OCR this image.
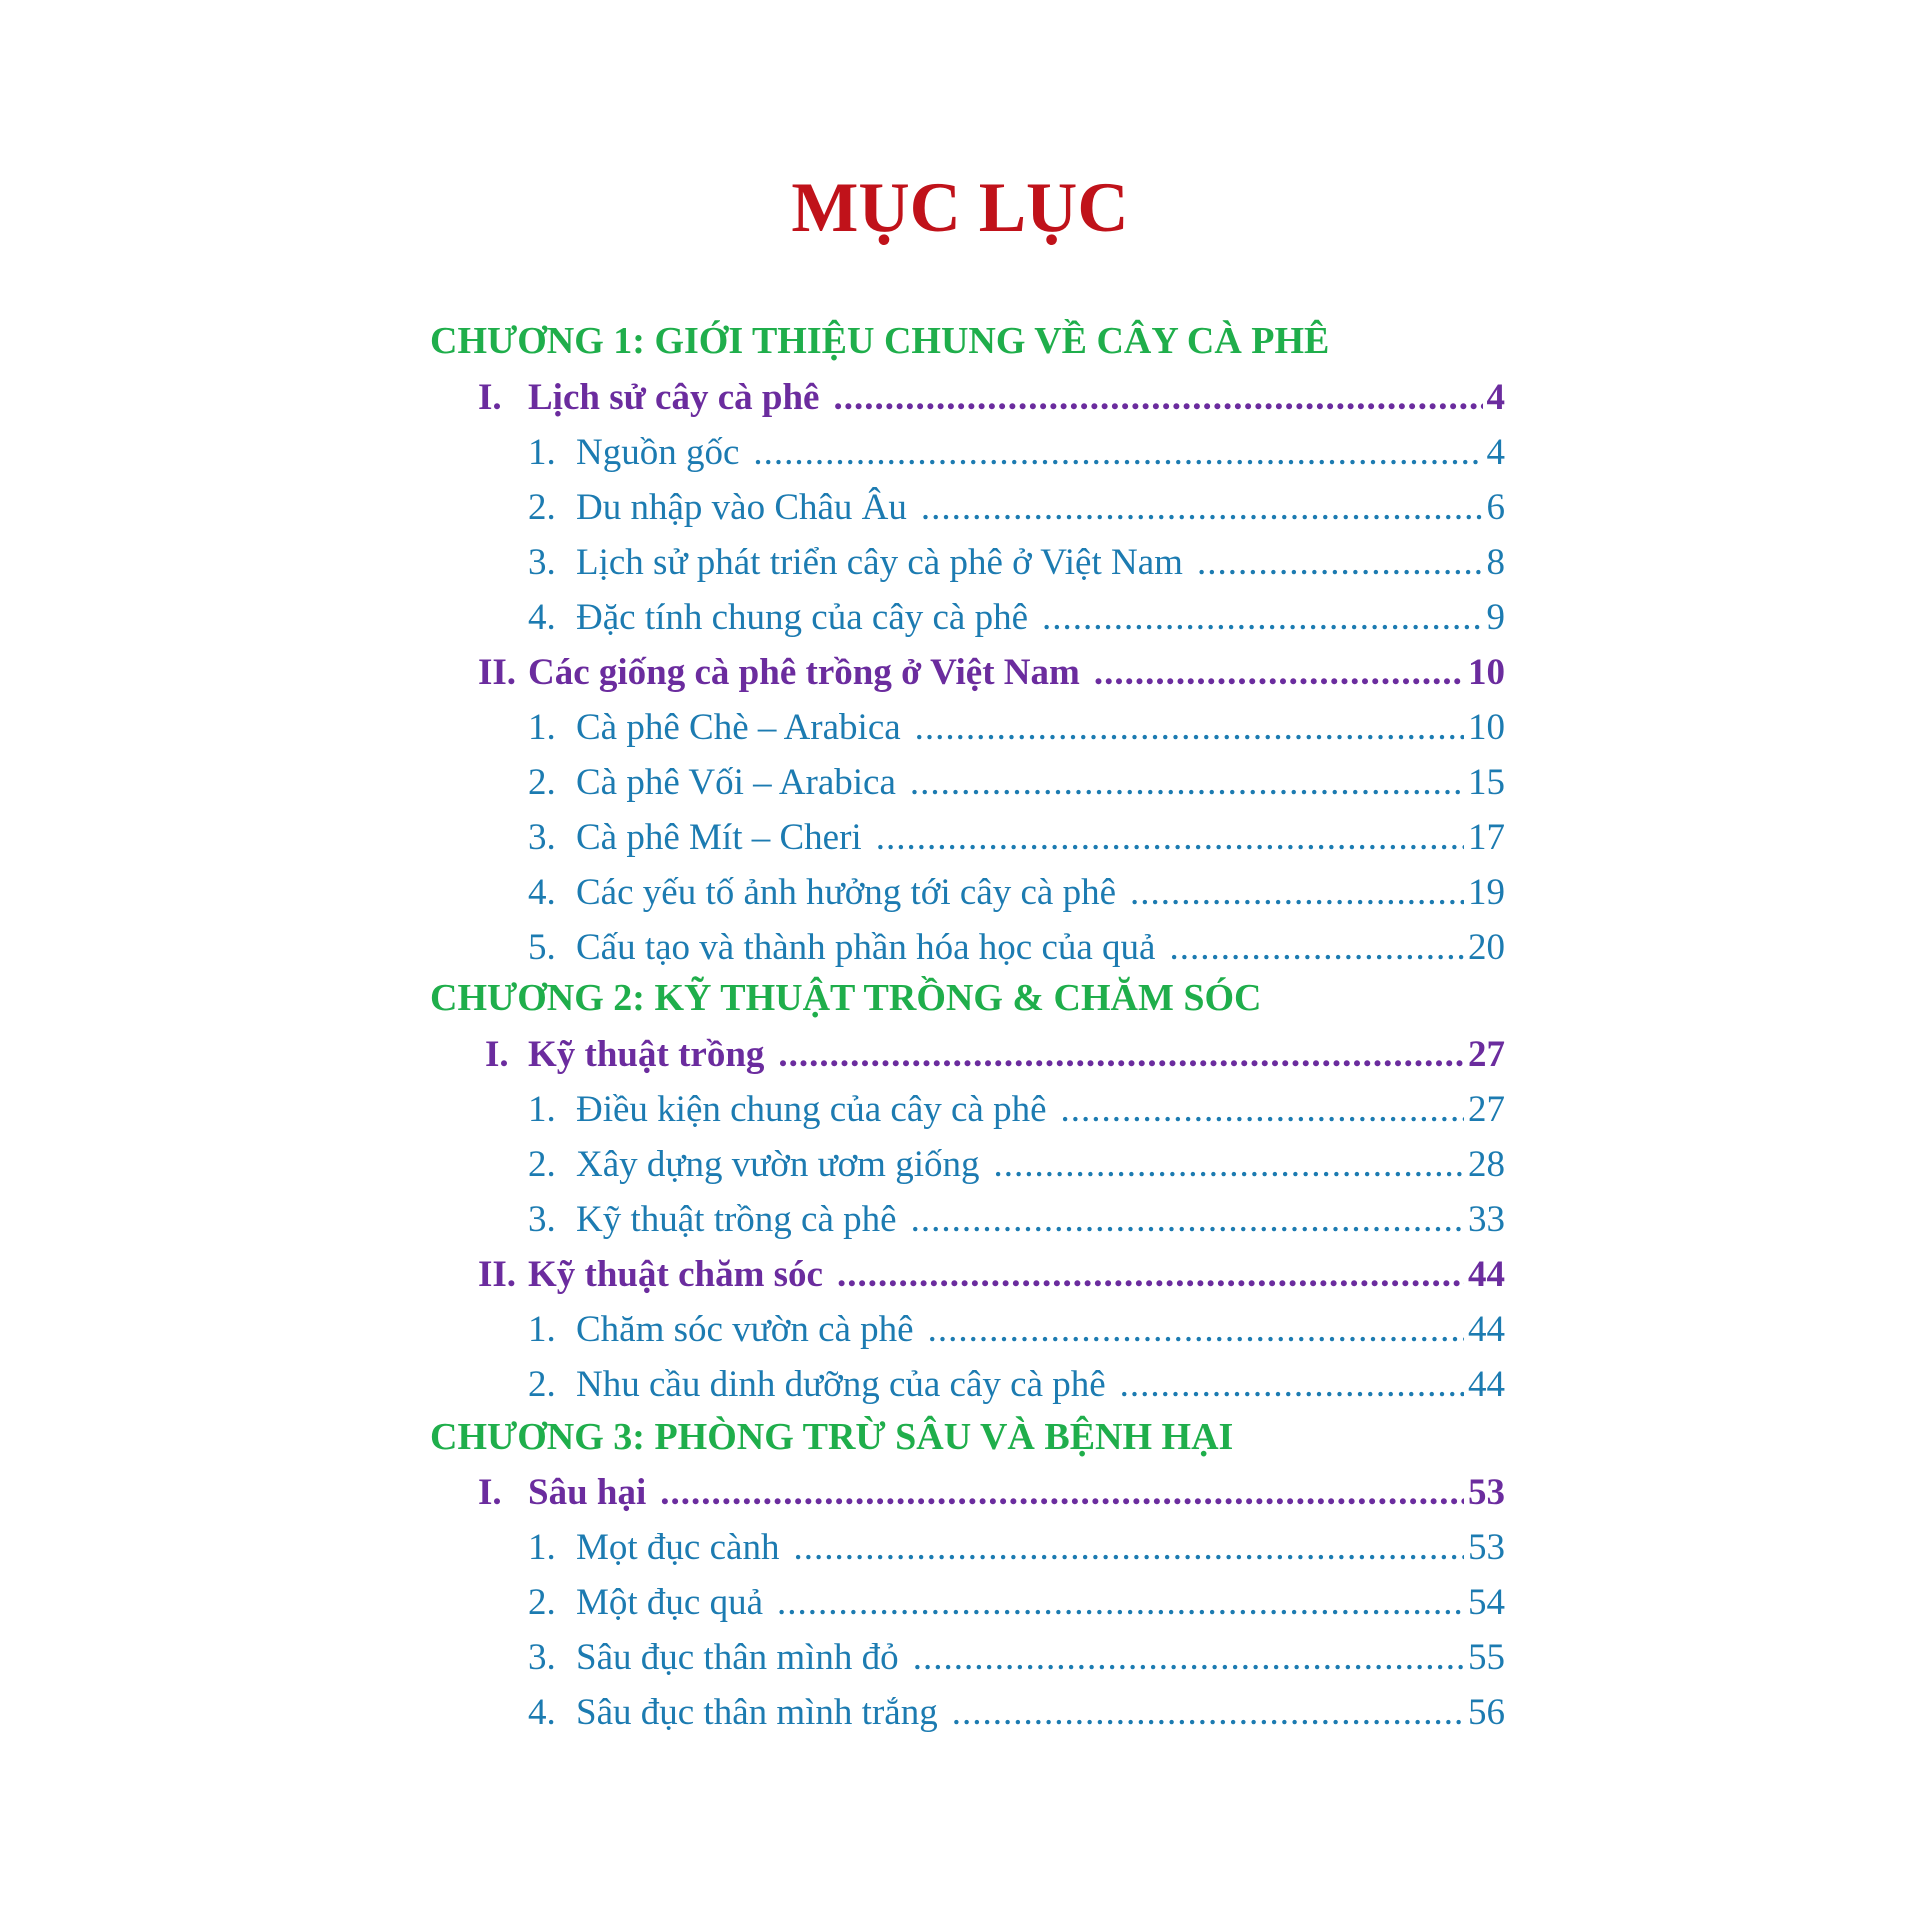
MỤC LỤC
CHƯƠNG 1: GIỚI THIỆU CHUNG VỀ CÂY CÀ PHÊ
I. Lịch sử cây cà phê .....	4
1. Nguồn gốc .....	4
2. Du nhập vào Châu Âu .....	6
3. Lịch sử phát triển cây cà phê ở Việt Nam .....	8
4. Đặc tính chung của cây cà phê .....	9
II. Các giống cà phê trồng ở Việt Nam .....	10
1. Cà phê Chè – Arabica .....	10
2. Cà phê Vối – Arabica .....	15
3. Cà phê Mít – Cheri .....	17
4. Các yếu tố ảnh hưởng tới cây cà phê .....	19
5. Cấu tạo và thành phần hóa học của quả .....	20
CHƯƠNG 2: KỸ THUẬT TRỒNG & CHĂM SÓC
I. Kỹ thuật trồng .....	27
1. Điều kiện chung của cây cà phê .....	27
2. Xây dựng vườn ươm giống .....	28
3. Kỹ thuật trồng cà phê .....	33
II. Kỹ thuật chăm sóc .....	44
1. Chăm sóc vườn cà phê .....	44
2. Nhu cầu dinh dưỡng của cây cà phê .....	44
CHƯƠNG 3: PHÒNG TRỪ SÂU VÀ BỆNH HẠI
I. Sâu hại .....	53
1. Mọt đục cành .....	53
2. Một đục quả .....	54
3. Sâu đục thân mình đỏ .....	55
4. Sâu đục thân mình trắng .....	56
